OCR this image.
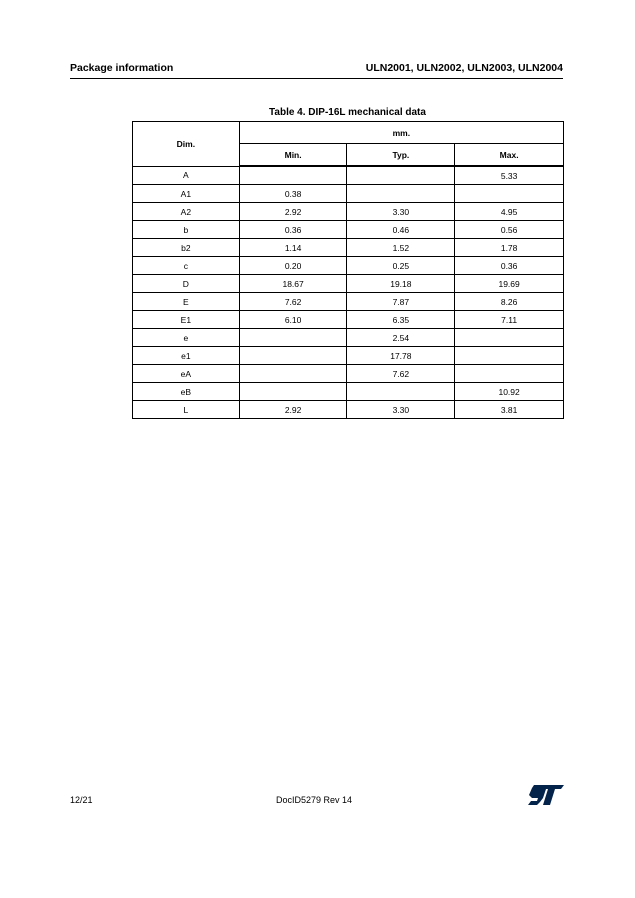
Package information	ULN2001, ULN2002, ULN2003, ULN2004
Table 4. DIP-16L mechanical data
Dim.	mm.		
	Min.	Typ.	Max.
A			5.33
A1	0.38		
A2	2.92	3.30	4.95
b	0.36	0.46	0.56
b2	1.14	1.52	1.78
c	0.20	0.25	0.36
D	18.67	19.18	19.69
E	7.62	7.87	8.26
E1	6.10	6.35	7.11
e		2.54	
e1		17.78	
eA		7.62	
eB			10.92
L	2.92	3.30	3.81
12/21	DocID5279 Rev 14
